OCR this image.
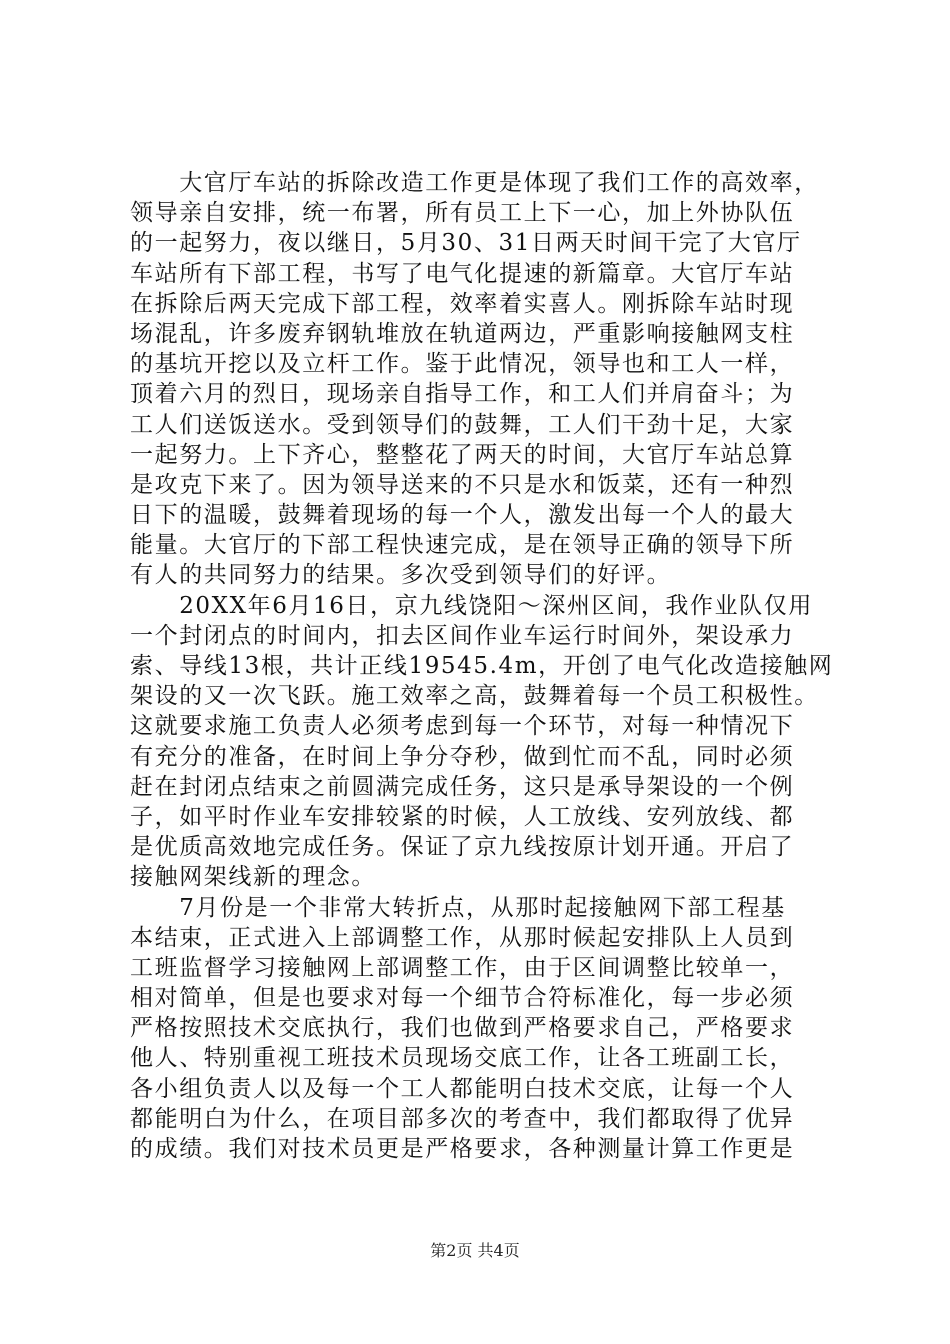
　　大官厅车站的拆除改造工作更是体现了我们工作的高效率，
领导亲自安排，统一布署，所有员工上下一心，加上外协队伍
的一起努力，夜以继日，5月30、31日两天时间干完了大官厅
车站所有下部工程，书写了电气化提速的新篇章。大官厅车站
在拆除后两天完成下部工程，效率着实喜人。刚拆除车站时现
场混乱，许多废弃钢轨堆放在轨道两边，严重影响接触网支柱
的基坑开挖以及立杆工作。鉴于此情况，领导也和工人一样，
顶着六月的烈日，现场亲自指导工作，和工人们并肩奋斗；为
工人们送饭送水。受到领导们的鼓舞，工人们干劲十足，大家
一起努力。上下齐心，整整花了两天的时间，大官厅车站总算
是攻克下来了。因为领导送来的不只是水和饭菜，还有一种烈
日下的温暖，鼓舞着现场的每一个人，激发出每一个人的最大
能量。大官厅的下部工程快速完成，是在领导正确的领导下所
有人的共同努力的结果。多次受到领导们的好评。
　　20XX年6月16日，京九线饶阳～深州区间，我作业队仅用
一个封闭点的时间内，扣去区间作业车运行时间外，架设承力
索、导线13根，共计正线19545.4m，开创了电气化改造接触网
架设的又一次飞跃。施工效率之高，鼓舞着每一个员工积极性。
这就要求施工负责人必须考虑到每一个环节，对每一种情况下
有充分的准备，在时间上争分夺秒，做到忙而不乱，同时必须
赶在封闭点结束之前圆满完成任务，这只是承导架设的一个例
子，如平时作业车安排较紧的时候，人工放线、安列放线、都
是优质高效地完成任务。保证了京九线按原计划开通。开启了
接触网架线新的理念。
　　7月份是一个非常大转折点，从那时起接触网下部工程基
本结束，正式进入上部调整工作，从那时候起安排队上人员到
工班监督学习接触网上部调整工作，由于区间调整比较单一，
相对简单，但是也要求对每一个细节合符标准化，每一步必须
严格按照技术交底执行，我们也做到严格要求自己，严格要求
他人、特别重视工班技术员现场交底工作，让各工班副工长，
各小组负责人以及每一个工人都能明白技术交底，让每一个人
都能明白为什么，在项目部多次的考查中，我们都取得了优异
的成绩。我们对技术员更是严格要求，各种测量计算工作更是
第2页 共4页
